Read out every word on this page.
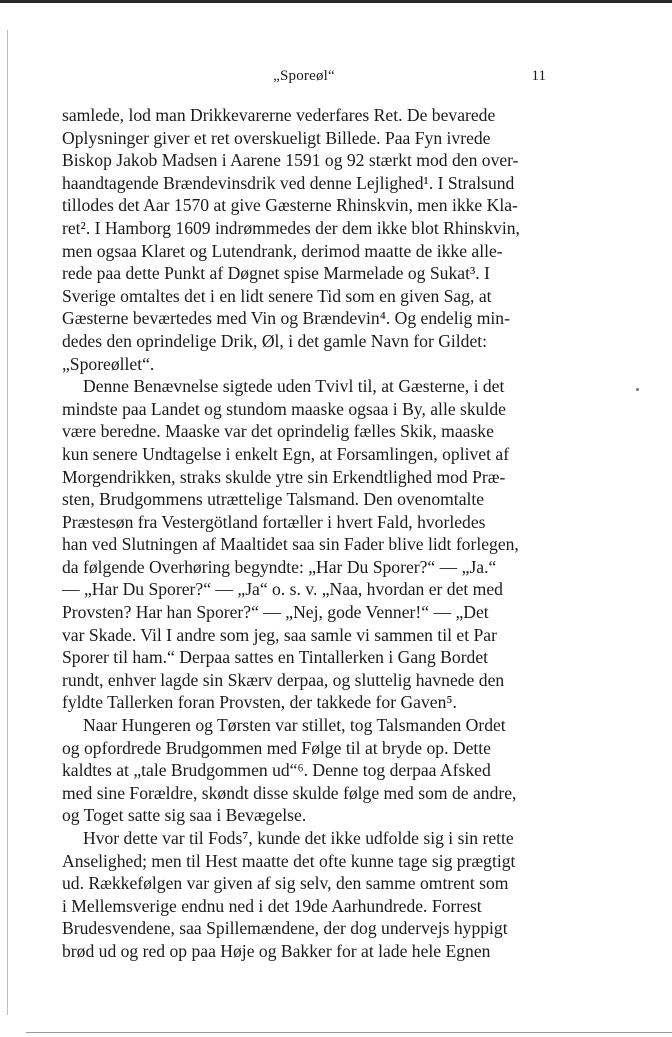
„Sporeøl“	11

samlede, lod man Drikkevarerne vederfares Ret. De bevarede
Oplysninger giver et ret overskueligt Billede. Paa Fyn ivrede
Biskop Jakob Madsen i Aarene 1591 og 92 stærkt mod den over-
haandtagende Brændevinsdrik ved denne Lejlighed¹. I Stralsund
tillodes det Aar 1570 at give Gæsterne Rhinskvin, men ikke Kla-
ret². I Hamborg 1609 indrømmedes der dem ikke blot Rhinskvin,
men ogsaa Klaret og Lutendrank, derimod maatte de ikke alle-
rede paa dette Punkt af Døgnet spise Marmelade og Sukat³. I
Sverige omtaltes det i en lidt senere Tid som en given Sag, at
Gæsterne beværtedes med Vin og Brændevin⁴. Og endelig min-
dedes den oprindelige Drik, Øl, i det gamle Navn for Gildet:
„Sporeøllet“.

Denne Benævnelse sigtede uden Tvivl til, at Gæsterne, i det
mindste paa Landet og stundom maaske ogsaa i By, alle skulde
være beredne. Maaske var det oprindelig fælles Skik, maaske
kun senere Undtagelse i enkelt Egn, at Forsamlingen, oplivet af
Morgendrikken, straks skulde ytre sin Erkendtlighed mod Præ-
sten, Brudgommens utrættelige Talsmand. Den ovenomtalte
Præstesøn fra Vestergötland fortæller i hvert Fald, hvorledes
han ved Slutningen af Maaltidet saa sin Fader blive lidt forlegen,
da følgende Overhøring begyndte: „Har Du Sporer?“ — „Ja.“
— „Har Du Sporer?“ — „Ja“ o. s. v. „Naa, hvordan er det med
Provsten? Har han Sporer?“ — „Nej, gode Venner!“ — „Det
var Skade. Vil I andre som jeg, saa samle vi sammen til et Par
Sporer til ham.“ Derpaa sattes en Tintallerken i Gang Bordet
rundt, enhver lagde sin Skærv derpaa, og sluttelig havnede den
fyldte Tallerken foran Provsten, der takkede for Gaven⁵.

Naar Hungeren og Tørsten var stillet, tog Talsmanden Ordet
og opfordrede Brudgommen med Følge til at bryde op. Dette
kaldtes at „tale Brudgommen ud“⁶. Denne tog derpaa Afsked
med sine Forældre, skøndt disse skulde følge med som de andre,
og Toget satte sig saa i Bevægelse.

Hvor dette var til Fods⁷, kunde det ikke udfolde sig i sin rette
Anselighed; men til Hest maatte det ofte kunne tage sig prægtigt
ud. Rækkefølgen var given af sig selv, den samme omtrent som
i Mellemsverige endnu ned i det 19de Aarhundrede. Forrest
Brudesvendene, saa Spillemændene, der dog undervejs hyppigt
brød ud og red op paa Høje og Bakker for at lade hele Egnen
